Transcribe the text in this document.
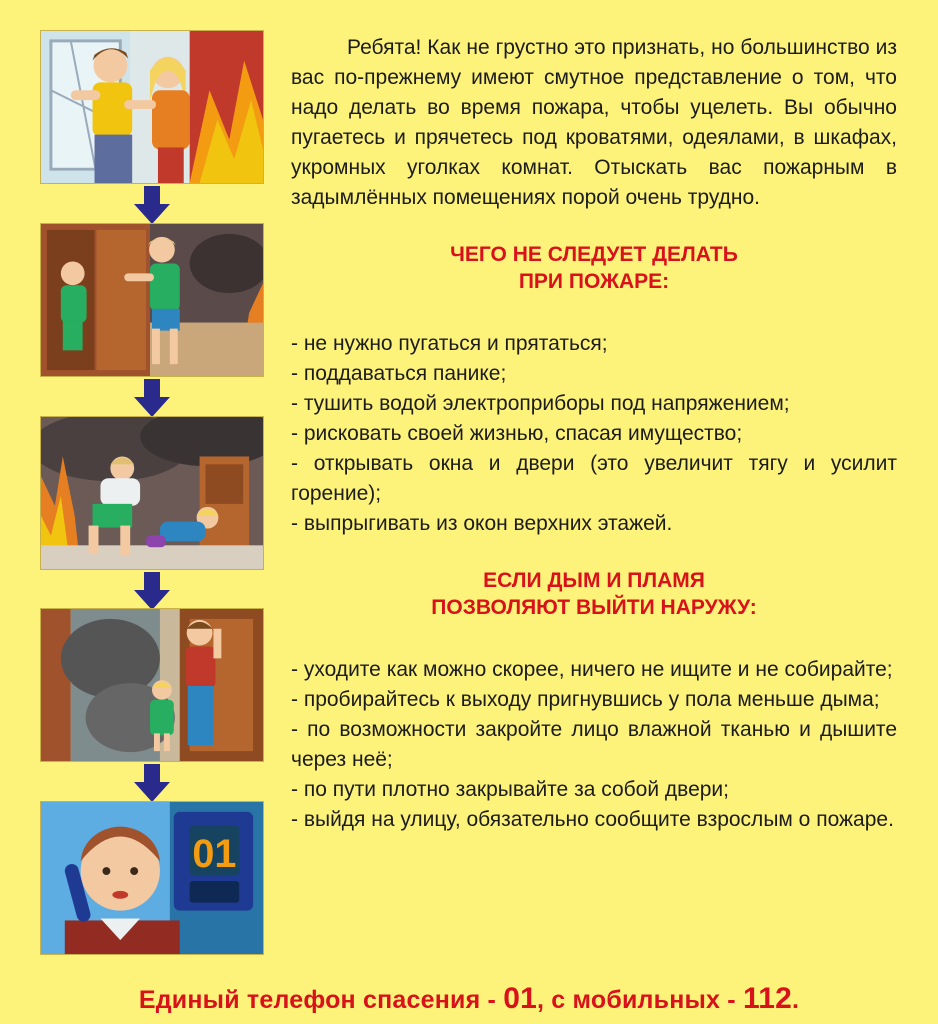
01

Ребята! Как не грустно это признать, но большинство из вас по-прежнему имеют смутное представление о том, что надо делать во время пожара, чтобы уцелеть. Вы обычно пугаетесь и прячетесь под кроватями, одеялами, в шкафах, укромных уголках комнат. Отыскать вас пожарным в задымлённых помещениях порой очень трудно.

ЧЕГО НЕ СЛЕДУЕТ ДЕЛАТЬ

ПРИ ПОЖАРЕ:

- не нужно пугаться и прятаться;
- поддаваться панике;
- тушить водой электроприборы под напряжением;
- рисковать своей жизнью, спасая имущество;
- открывать окна и двери (это увеличит тягу и усилит горение);
- выпрыгивать из окон верхних этажей.

ЕСЛИ ДЫМ И ПЛАМЯ

ПОЗВОЛЯЮТ ВЫЙТИ НАРУЖУ:

- уходите как можно скорее, ничего не ищите и не собирайте;
- пробирайтесь к выходу пригнувшись у пола меньше дыма;
- по возможности закройте лицо влажной тканью и дышите через неё;
- по пути плотно закрывайте за собой двери;
- выйдя на улицу, обязательно сообщите взрослым о пожаре.
Единый телефон спасения - 01, с мобильных - 112.
